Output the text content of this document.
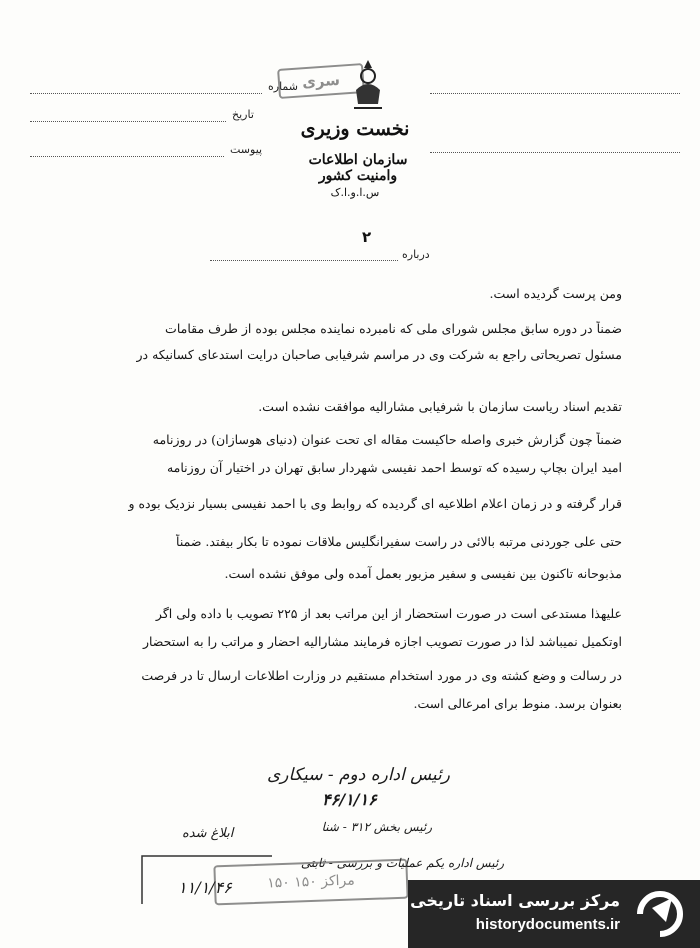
شماره
تاریخ
پیوست
سری
نخست وزیری
سازمان اطلاعات وامنیت کشور
س.ا.و.ا.ک
۲
درباره
ومن پرست گردیده است.
ضمناً در دوره سابق مجلس شورای ملی که نامبرده نماینده مجلس بوده از طرف مقامات
مسئول تصریحاتی راجع به شرکت وی در مراسم شرفیابی صاحبان درایت استدعای کسانیکه در
تقدیم اسناد ریاست سازمان با شرفیابی مشارالیه موافقت نشده است.
ضمناً چون گزارش خبری واصله حاکیست مقاله ای تحت عنوان (دنیای هوسازان) در روزنامه
امید ایران بچاپ رسیده که توسط احمد نفیسی شهردار سابق تهران در اختیار آن روزنامه
قرار گرفته و در زمان اعلام اطلاعیه ای گردیده که روابط وی با احمد نفیسی بسیار نزدیک بوده و
حتی علی جوردنی مرتبه بالائی در راست سفیرانگلیس ملاقات نموده تا بکار بیفتد. ضمناً
مذبوحانه تاکنون بین نفیسی و سفیر مزبور بعمل آمده ولی موفق نشده است.
علیهذا مستدعی است در صورت استحضار از این مراتب بعد از ۲۲۵ تصویب با داده ولی اگر
اوتکمیل نمیباشد لذا در صورت تصویب اجازه فرمایند مشارالیه احضار و مراتب را به استحضار
در رسالت و وضع کشته وی در مورد استخدام مستقیم در وزارت اطلاعات ارسال تا در فرصت
بعنوان برسد. منوط برای امرعالی است.
رئیس اداره دوم - سیکاری
۴۶/۱/۱۶
رئیس بخش ۳۱۲ - شنا
رئیس اداره یکم عملیات و بررسی - ثابتی
ابلاغ شده
۱۱/۱/۴۶	۱۵۰ مراکز ۱۵۰
مرکز بررسی اسناد تاریخی
historydocuments.ir
